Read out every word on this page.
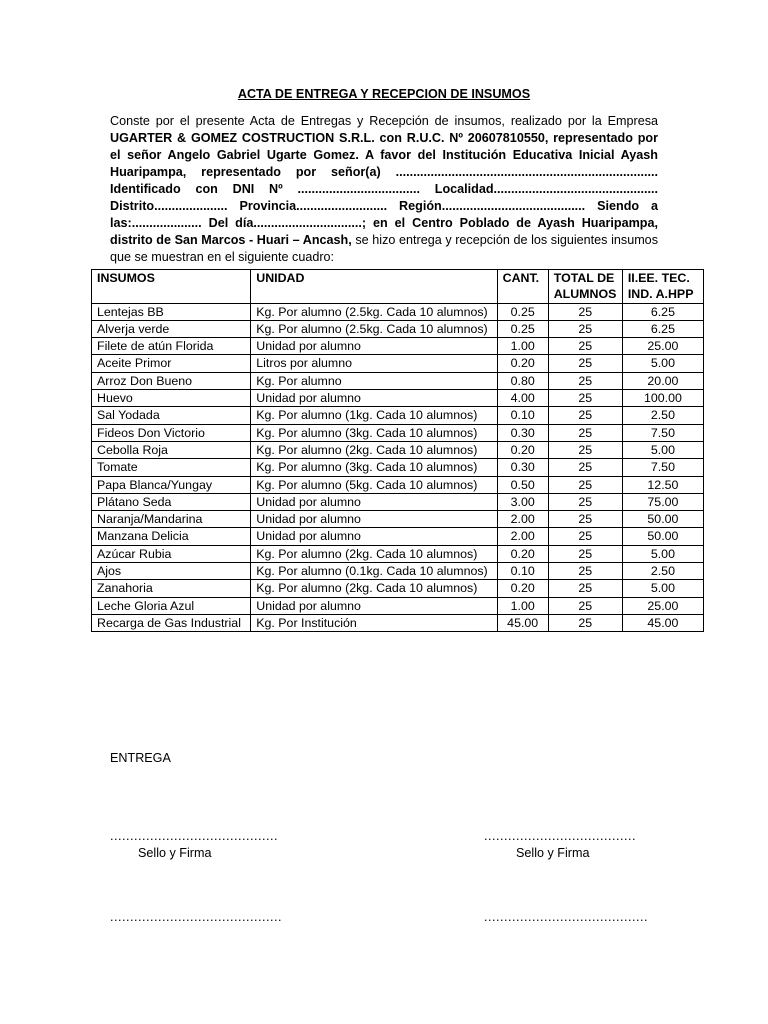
ACTA DE ENTREGA Y RECEPCION DE INSUMOS
Conste por el presente Acta de Entregas y Recepción de insumos, realizado por la Empresa UGARTER & GOMEZ COSTRUCTION S.R.L. con R.U.C. Nº 20607810550, representado por el señor Angelo Gabriel Ugarte Gomez. A favor del Institución Educativa Inicial Ayash Huaripampa, representado por señor(a) ........................................................................... Identificado con DNI Nº ................................... Localidad............................................... Distrito..................... Provincia.......................... Región......................................... Siendo a las:.................... Del día...............................; en el Centro Poblado de Ayash Huaripampa, distrito de San Marcos - Huari – Ancash, se hizo entrega y recepción de los siguientes insumos que se muestran en el siguiente cuadro:
INSUMOS	UNIDAD	CANT.	TOTAL DE ALUMNOS	II.EE. TEC. IND. A.HPP
Lentejas BB	Kg. Por alumno (2.5kg. Cada 10 alumnos)	0.25	25	6.25
Alverja verde	Kg. Por alumno (2.5kg. Cada 10 alumnos)	0.25	25	6.25
Filete de atún Florida	Unidad por alumno	1.00	25	25.00
Aceite Primor	Litros por alumno	0.20	25	5.00
Arroz Don Bueno	Kg. Por alumno	0.80	25	20.00
Huevo	Unidad por alumno	4.00	25	100.00
Sal Yodada	Kg. Por alumno (1kg. Cada 10 alumnos)	0.10	25	2.50
Fideos Don Victorio	Kg. Por alumno (3kg. Cada 10 alumnos)	0.30	25	7.50
Cebolla Roja	Kg. Por alumno (2kg. Cada 10 alumnos)	0.20	25	5.00
Tomate	Kg. Por alumno (3kg. Cada 10 alumnos)	0.30	25	7.50
Papa Blanca/Yungay	Kg. Por alumno (5kg. Cada 10 alumnos)	0.50	25	12.50
Plátano Seda	Unidad por alumno	3.00	25	75.00
Naranja/Mandarina	Unidad por alumno	2.00	25	50.00
Manzana Delicia	Unidad por alumno	2.00	25	50.00
Azúcar Rubia	Kg. Por alumno (2kg. Cada 10 alumnos)	0.20	25	5.00
Ajos	Kg. Por alumno (0.1kg. Cada 10 alumnos)	0.10	25	2.50
Zanahoria	Kg. Por alumno (2kg. Cada 10 alumnos)	0.20	25	5.00
Leche Gloria Azul	Unidad por alumno	1.00	25	25.00
Recarga de Gas Industrial	Kg. Por Institución	45.00	25	45.00
ENTREGA
..........................................	......................................
Sello y Firma	Sello y Firma
...........................................	.........................................
